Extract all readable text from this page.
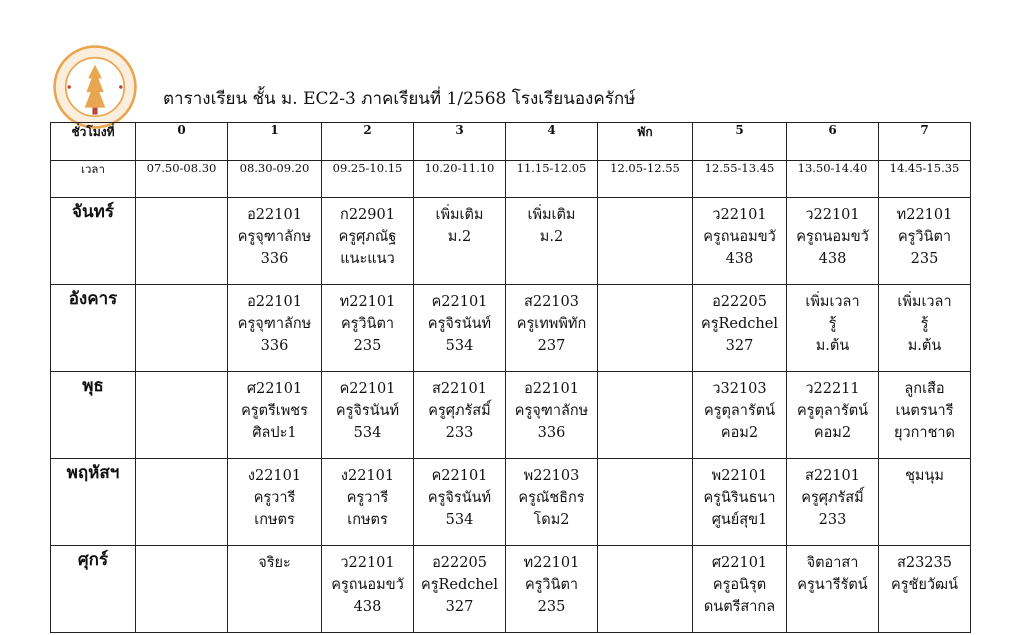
ตารางเรียน ชั้น ม. EC2-3 ภาคเรียนที่ 1/2568 โรงเรียนองครักษ์
ชั่วโมงที่	0	1	2	3	4	พัก	5	6	7
เวลา	07.50-08.30	08.30-09.20	09.25-10.15	10.20-11.10	11.15-12.05	12.05-12.55	12.55-13.45	13.50-14.40	14.45-15.35
จันทร์		อ22101
ครูจุฑาลักษ
336	ก22901
ครูศุภณัฐ
แนะแนว	เพิ่มเติม
ม.2	เพิ่มเติม
ม.2		ว22101
ครูถนอมขวั
438	ว22101
ครูถนอมขวั
438	ท22101
ครูวินิตา
235

อังคาร		อ22101
ครูจุฑาลักษ
336	ท22101
ครูวินิตา
235	ค22101
ครูจิรนันท์
534	ส22103
ครูเทพพิทัก
237		อ22205
ครูRedchel
327	เพิ่มเวลา
รู้
ม.ต้น	เพิ่มเวลา
รู้
ม.ต้น

พุธ		ศ22101
ครูตรีเพชร
ศิลปะ1	ค22101
ครูจิรนันท์
534	ส22101
ครูศุภรัสมิ์
233	อ22101
ครูจุฑาลักษ
336		ว32103
ครูตุลารัตน์
คอม2	ว22211
ครูตุลารัตน์
คอม2	ลูกเสือ
เนตรนารี
ยุวกาชาด

พฤหัสฯ		ง22101
ครูวารี
เกษตร	ง22101
ครูวารี
เกษตร	ค22101
ครูจิรนันท์
534	พ22103
ครูณัชธิกร
โดม2		พ22101
ครูนิรินธนา
ศูนย์สุข1	ส22101
ครูศุภรัสมิ์
233	ชุมนุม

ศุกร์		จริยะ	ว22101
ครูถนอมขวั
438	อ22205
ครูRedchel
327	ท22101
ครูวินิตา
235		ศ22101
ครูอนิรุต
ดนตรีสากล	จิตอาสา
ครูนารีรัตน์	ส23235
ครูชัยวัฒน์
